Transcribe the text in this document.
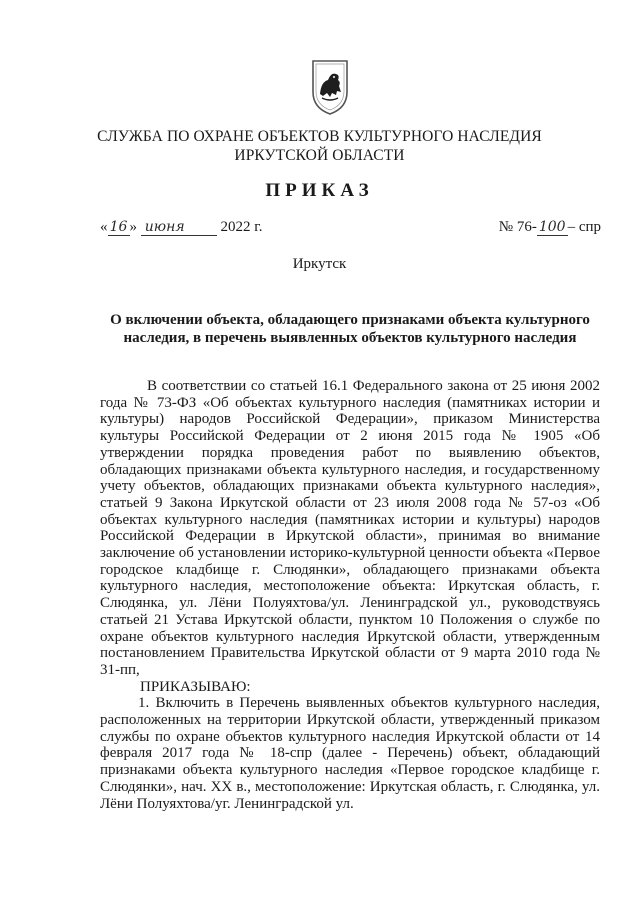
СЛУЖБА ПО ОХРАНЕ ОБЪЕКТОВ КУЛЬТУРНОГО НАСЛЕДИЯ
ИРКУТСКОЙ ОБЛАСТИ
ПРИКАЗ
« 16 » июня 2022 г.	№ 76- 100 – спр
Иркутск
О включении объекта, обладающего признаками объекта культурного наследия, в перечень выявленных объектов культурного наследия

В соответствии со статьей 16.1 Федерального закона от 25 июня 2002 года № 73-ФЗ «Об объектах культурного наследия (памятниках истории и культуры) народов Российской Федерации», приказом Министерства культуры Российской Федерации от 2 июня 2015 года № 1905 «Об утверждении порядка проведения работ по выявлению объектов, обладающих признаками объекта культурного наследия, и государственному учету объектов, обладающих признаками объекта культурного наследия», статьей 9 Закона Иркутской области от 23 июля 2008 года № 57-оз «Об объектах культурного наследия (памятниках истории и культуры) народов Российской Федерации в Иркутской области», принимая во внимание заключение об установлении историко-культурной ценности объекта «Первое городское кладбище г. Слюдянки», обладающего признаками объекта культурного наследия, местоположение объекта: Иркутская область, г. Слюдянка, ул. Лёни Полуяхтова/ул. Ленинградской ул., руководствуясь статьей 21 Устава Иркутской области, пунктом 10 Положения о службе по охране объектов культурного наследия Иркутской области, утвержденным постановлением Правительства Иркутской области от 9 марта 2010 года № 31-пп,

ПРИКАЗЫВАЮ:

1. Включить в Перечень выявленных объектов культурного наследия, расположенных на территории Иркутской области, утвержденный приказом службы по охране объектов культурного наследия Иркутской области от 14 февраля 2017 года № 18-спр (далее - Перечень) объект, обладающий признаками объекта культурного наследия «Первое городское кладбище г. Слюдянки», нач. XX в., местоположение: Иркутская область, г. Слюдянка, ул. Лёни Полуяхтова/уг. Ленинградской ул.
